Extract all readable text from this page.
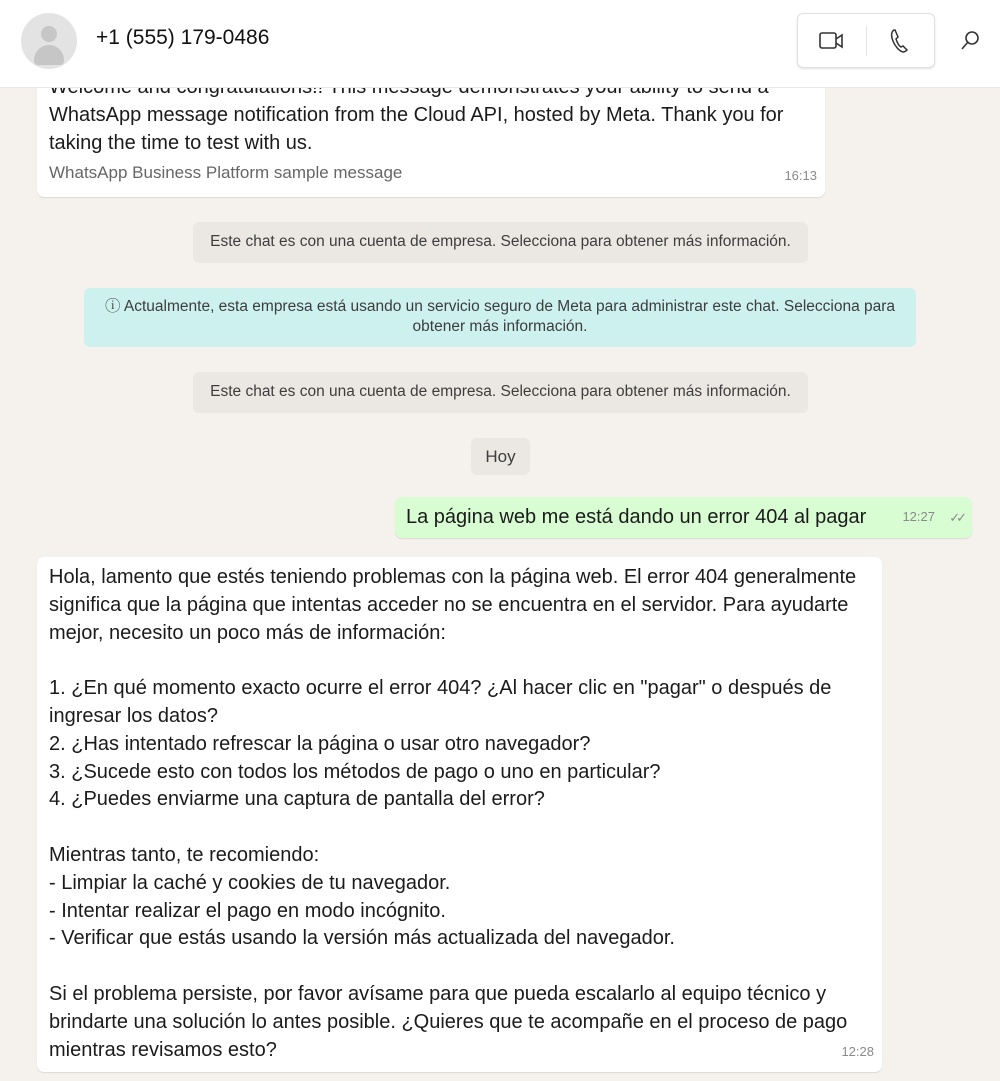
+1 (555) 179-0486
WhatsApp message notification from the Cloud API, hosted by Meta. Thank you for taking the time to test with us.
WhatsApp Business Platform sample message	16:13
Este chat es con una cuenta de empresa. Selecciona para obtener más información.
ⓘ Actualmente, esta empresa está usando un servicio seguro de Meta para administrar este chat. Selecciona para obtener más información.
Este chat es con una cuenta de empresa. Selecciona para obtener más información.
Hoy
La página web me está dando un error 404 al pagar	12:27 ✓✓
Hola, lamento que estés teniendo problemas con la página web. El error 404 generalmente significa que la página que intentas acceder no se encuentra en el servidor. Para ayudarte mejor, necesito un poco más de información:

1. ¿En qué momento exacto ocurre el error 404? ¿Al hacer clic en "pagar" o después de ingresar los datos?
2. ¿Has intentado refrescar la página o usar otro navegador?
3. ¿Sucede esto con todos los métodos de pago o uno en particular?
4. ¿Puedes enviarme una captura de pantalla del error?

Mientras tanto, te recomiendo:
- Limpiar la caché y cookies de tu navegador.
- Intentar realizar el pago en modo incógnito.
- Verificar que estás usando la versión más actualizada del navegador.

Si el problema persiste, por favor avísame para que pueda escalarlo al equipo técnico y brindarte una solución lo antes posible. ¿Quieres que te acompañe en el proceso de pago mientras revisamos esto?	12:28
